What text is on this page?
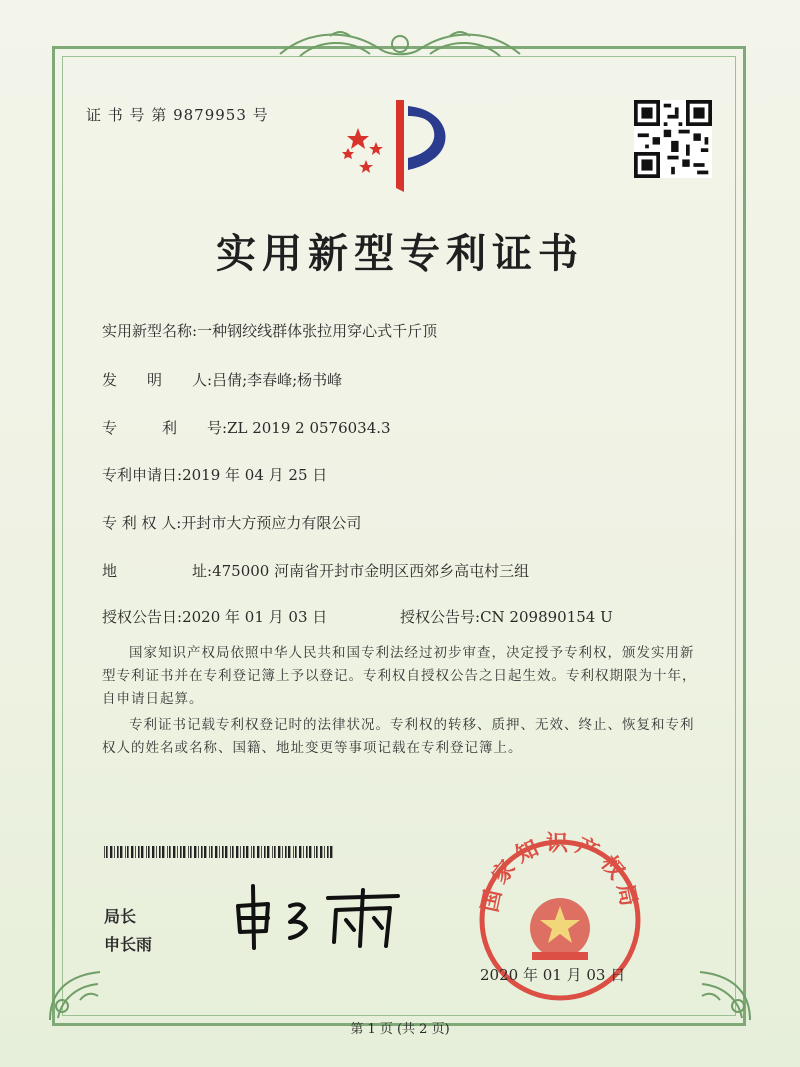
证 书 号 第 9879953 号
实用新型专利证书
实用新型名称:一种钢绞线群体张拉用穿心式千斤顶
发　　明　　人:吕倩;李春峰;杨书峰
专　　　利　　号:ZL 2019 2 0576034.3
专利申请日:2019 年 04 月 25 日
专 利 权 人:开封市大方预应力有限公司
地　　　　　址:475000 河南省开封市金明区西郊乡高屯村三组
授权公告日:2020 年 01 月 03 日	授权公告号:CN 209890154 U
国家知识产权局依照中华人民共和国专利法经过初步审查，决定授予专利权，颁发实用新型专利证书并在专利登记簿上予以登记。专利权自授权公告之日起生效。专利权期限为十年，自申请日起算。
专利证书记载专利权登记时的法律状况。专利权的转移、质押、无效、终止、恢复和专利权人的姓名或名称、国籍、地址变更等事项记载在专利登记簿上。
局长
申长雨
国家知识产权局
2020 年 01 月 03 日
第 1 页 (共 2 页)
